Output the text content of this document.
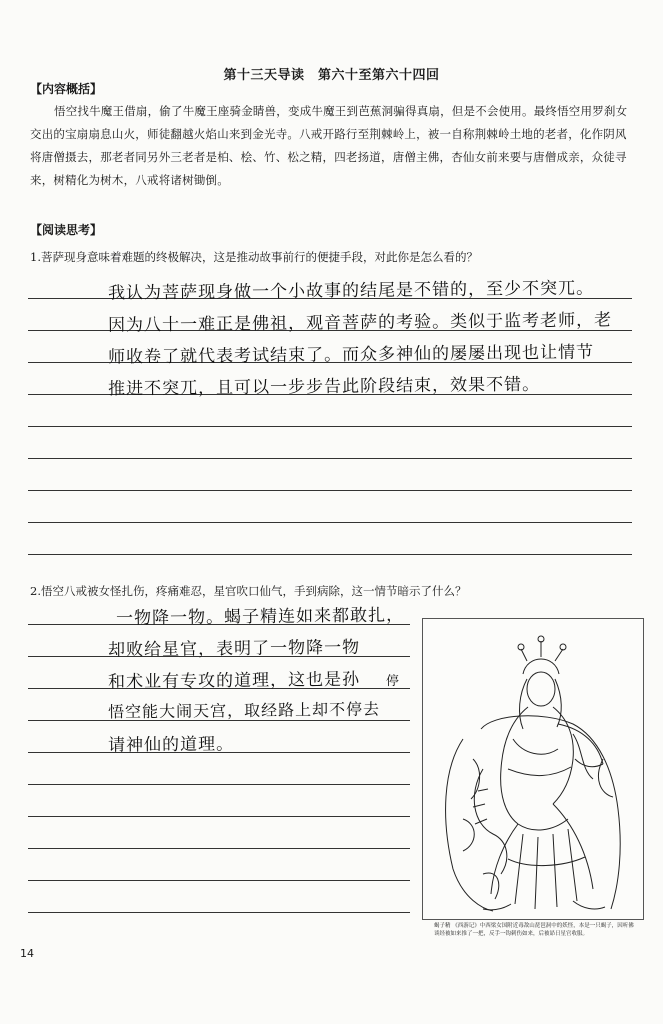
第十三天导读　第六十至第六十四回
【内容概括】

悟空找牛魔王借扇，偷了牛魔王座骑金睛兽，变成牛魔王到芭蕉洞骗得真扇，但是不会使用。最终悟空用罗刹女交出的宝扇扇息山火，师徒翻越火焰山来到金光寺。八戒开路行至荆棘岭上，被一自称荆棘岭土地的老者，化作阴风将唐僧摄去，那老者同另外三老者是柏、桧、竹、松之精，四老扬道，唐僧主佛，杏仙女前来要与唐僧成亲，众徒寻来，树精化为树木，八戒将诸树锄倒。

【阅读思考】
1.菩萨现身意味着难题的终极解决，这是推动故事前行的便捷手段，对此你是怎么看的？
我认为菩萨现身做一个小故事的结尾是不错的，至少不突兀。
因为八十一难正是佛祖，观音菩萨的考验。类似于监考老师，老
师收卷了就代表考试结束了。而众多神仙的屡屡出现也让情节
推进不突兀，且可以一步步告此阶段结束，效果不错。
2.悟空八戒被女怪扎伤，疼痛难忍，星官吹口仙气，手到病除，这一情节暗示了什么？
一物降一物。蝎子精连如来都敢扎，
却败给星官，表明了一物降一物
和术业有专攻的道理，这也是孙
悟空能大闹天宫，取经路上却不停去
请神仙的道理。
停
蝎子精 《西游记》中西梁女国附近毒敌山琵琶洞中的妖怪，本是一只蝎子，因听佛谈经被如来推了一把，反手一钩刺伤如来，后被昴日星官收服。
14
